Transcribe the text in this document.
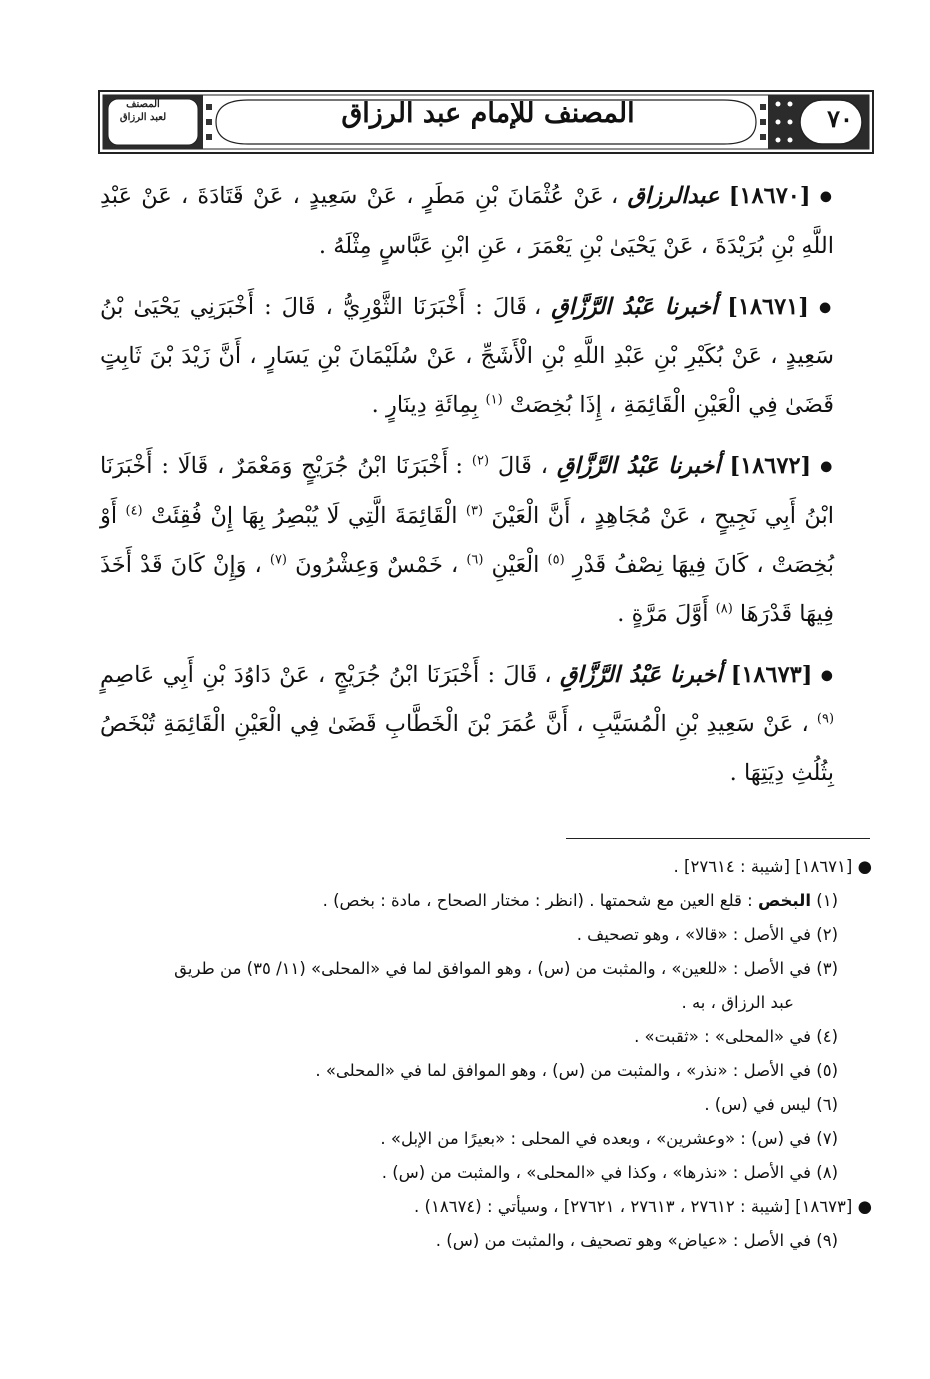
٧٠
المصنف للإمام عبد الرزاق
المصنف
لعبد الرزاق

● [١٨٦٧٠] عبدالرزاق ، عَنْ عُثْمَانَ بْنِ مَطَرٍ ، عَنْ سَعِيدٍ ، عَنْ قَتَادَةَ ، عَنْ عَبْدِ اللَّهِ بْنِ بُرَيْدَةَ ، عَنْ يَحْيَىٰ بْنِ يَعْمَرَ ، عَنِ ابْنِ عَبَّاسٍ مِثْلَهُ .

● [١٨٦٧١] أخبرنا عَبْدُ الرَّزَّاقِ ، قَالَ : أَخْبَرَنَا الثَّوْرِيُّ ، قَالَ : أَخْبَرَنِي يَحْيَىٰ بْنُ سَعِيدٍ ، عَنْ بُكَيْرِ بْنِ عَبْدِ اللَّهِ بْنِ الْأَشَجِّ ، عَنْ سُلَيْمَانَ بْنِ يَسَارٍ ، أَنَّ زَيْدَ بْنَ ثَابِتٍ قَضَىٰ فِي الْعَيْنِ الْقَائِمَةِ ، إِذَا بُخِصَتْ $^{(١)}$ بِمِائَةِ دِينَارٍ .

● [١٨٦٧٢] أخبرنا عَبْدُ الرَّزَّاقِ ، قَالَ $^{(٢)}$ : أَخْبَرَنَا ابْنُ جُرَيْجٍ وَمَعْمَرٌ ، قَالَا : أَخْبَرَنَا ابْنُ أَبِي نَجِيحٍ ، عَنْ مُجَاهِدٍ ، أَنَّ الْعَيْنَ $^{(٣)}$ الْقَائِمَةَ الَّتِي لَا يُبْصِرُ بِهَا إِنْ فُقِئَتْ $^{(٤)}$ أَوْ بُخِصَتْ ، كَانَ فِيهَا نِصْفُ قَدْرِ $^{(٥)}$ الْعَيْنِ $^{(٦)}$ ، خَمْسٌ وَعِشْرُونَ $^{(٧)}$ ، وَإِنْ كَانَ قَدْ أَخَذَ فِيهَا قَدْرَهَا $^{(٨)}$ أَوَّلَ مَرَّةٍ .

● [١٨٦٧٣] أخبرنا عَبْدُ الرَّزَّاقِ ، قَالَ : أَخْبَرَنَا ابْنُ جُرَيْجٍ ، عَنْ دَاوُدَ بْنِ أَبِي عَاصِمٍ $^{(٩)}$ ، عَنْ سَعِيدِ بْنِ الْمُسَيَّبِ ، أَنَّ عُمَرَ بْنَ الْخَطَّابِ قَضَىٰ فِي الْعَيْنِ الْقَائِمَةِ تُبْخَصُ بِثُلُثِ دِيَتِهَا .

● [١٨٦٧١] [شيبة : ٢٧٦١٤] .

(١) البخص : قلع العين مع شحمتها . (انظر : مختار الصحاح ، مادة : بخص) .

(٢) في الأصل : «قالا» ، وهو تصحيف .

(٣) في الأصل : «للعين» ، والمثبت من (س) ، وهو الموافق لما في «المحلى» (١١/ ٣٥) من طريق

عبد الرزاق ، به .

(٤) في «المحلى» : «ثقبت» .

(٥) في الأصل : «نذر» ، والمثبت من (س) ، وهو الموافق لما في «المحلى» .

(٦) ليس في (س) .

(٧) في (س) : «وعشرين» ، وبعده في المحلى : «بعيرًا من الإبل» .

(٨) في الأصل : «نذرها» ، وكذا في «المحلى» ، والمثبت من (س) .

● [١٨٦٧٣] [شيبة : ٢٧٦١٢ ، ٢٧٦١٣ ، ٢٧٦٢١] ، وسيأتي : (١٨٦٧٤) .

(٩) في الأصل : «عياض» وهو تصحيف ، والمثبت من (س) .
